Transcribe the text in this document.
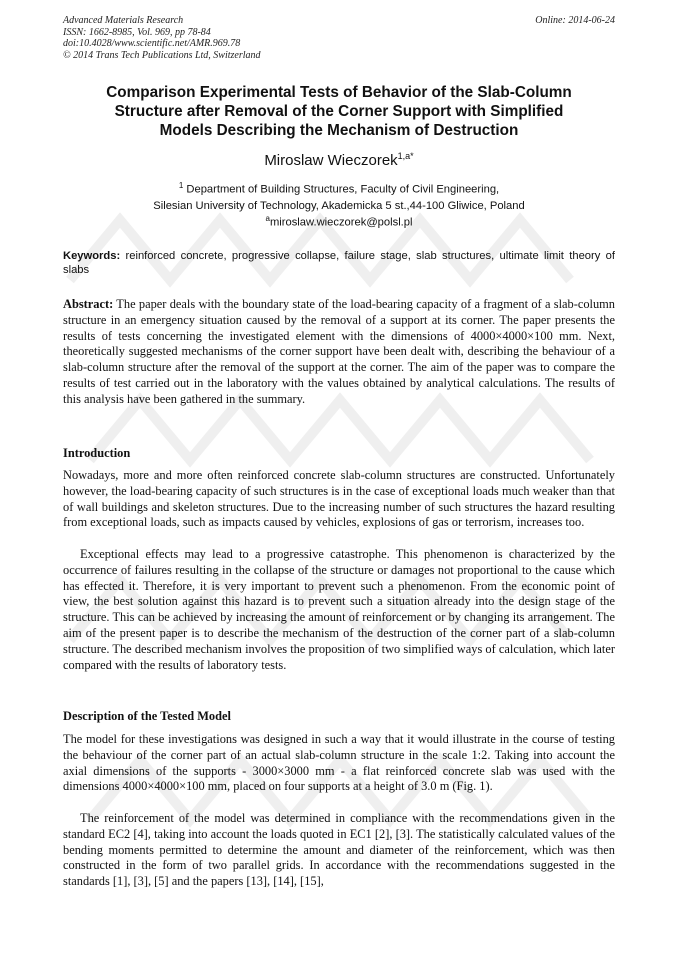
Advanced Materials Research
ISSN: 1662-8985, Vol. 969, pp 78-84
doi:10.4028/www.scientific.net/AMR.969.78
© 2014 Trans Tech Publications Ltd, Switzerland
Online: 2014-06-24
Comparison Experimental Tests of Behavior of the Slab-Column
Structure after Removal of the Corner Support with Simplified
Models Describing the Mechanism of Destruction
Miroslaw Wieczorek$^{1,a*}$
$^1$ Department of Building Structures, Faculty of Civil Engineering,
Silesian University of Technology, Akademicka 5 st.,44-100 Gliwice, Poland
$^a$miroslaw.wieczorek@polsl.pl
Keywords: reinforced concrete, progressive collapse, failure stage, slab structures, ultimate limit theory of slabs
Abstract: The paper deals with the boundary state of the load-bearing capacity of a fragment of a slab-column structure in an emergency situation caused by the removal of a support at its corner. The paper presents the results of tests concerning the investigated element with the dimensions of 4000×4000×100 mm. Next, theoretically suggested mechanisms of the corner support have been dealt with, describing the behaviour of a slab-column structure after the removal of the support at the corner. The aim of the paper was to compare the results of test carried out in the laboratory with the values obtained by analytical calculations. The results of this analysis have been gathered in the summary.
Introduction
Nowadays, more and more often reinforced concrete slab-column structures are constructed. Unfortunately however, the load-bearing capacity of such structures is in the case of exceptional loads much weaker than that of wall buildings and skeleton structures. Due to the increasing number of such structures the hazard resulting from exceptional loads, such as impacts caused by vehicles, explosions of gas or terrorism, increases too.
Exceptional effects may lead to a progressive catastrophe. This phenomenon is characterized by the occurrence of failures resulting in the collapse of the structure or damages not proportional to the cause which has effected it. Therefore, it is very important to prevent such a phenomenon. From the economic point of view, the best solution against this hazard is to prevent such a situation already into the design stage of the structure. This can be achieved by increasing the amount of reinforcement or by changing its arrangement. The aim of the present paper is to describe the mechanism of the destruction of the corner part of a slab-column structure. The described mechanism involves the proposition of two simplified ways of calculation, which later compared with the results of laboratory tests.
Description of the Tested Model
The model for these investigations was designed in such a way that it would illustrate in the course of testing the behaviour of the corner part of an actual slab-column structure in the scale 1:2. Taking into account the axial dimensions of the supports - 3000×3000 mm - a flat reinforced concrete slab was used with the dimensions 4000×4000×100 mm, placed on four supports at a height of 3.0 m (Fig. 1).
The reinforcement of the model was determined in compliance with the recommendations given in the standard EC2 [4], taking into account the loads quoted in EC1 [2], [3]. The statistically calculated values of the bending moments permitted to determine the amount and diameter of the reinforcement, which was then constructed in the form of two parallel grids. In accordance with the recommendations suggested in the standards [1], [3], [5] and the papers [13], [14], [15],
